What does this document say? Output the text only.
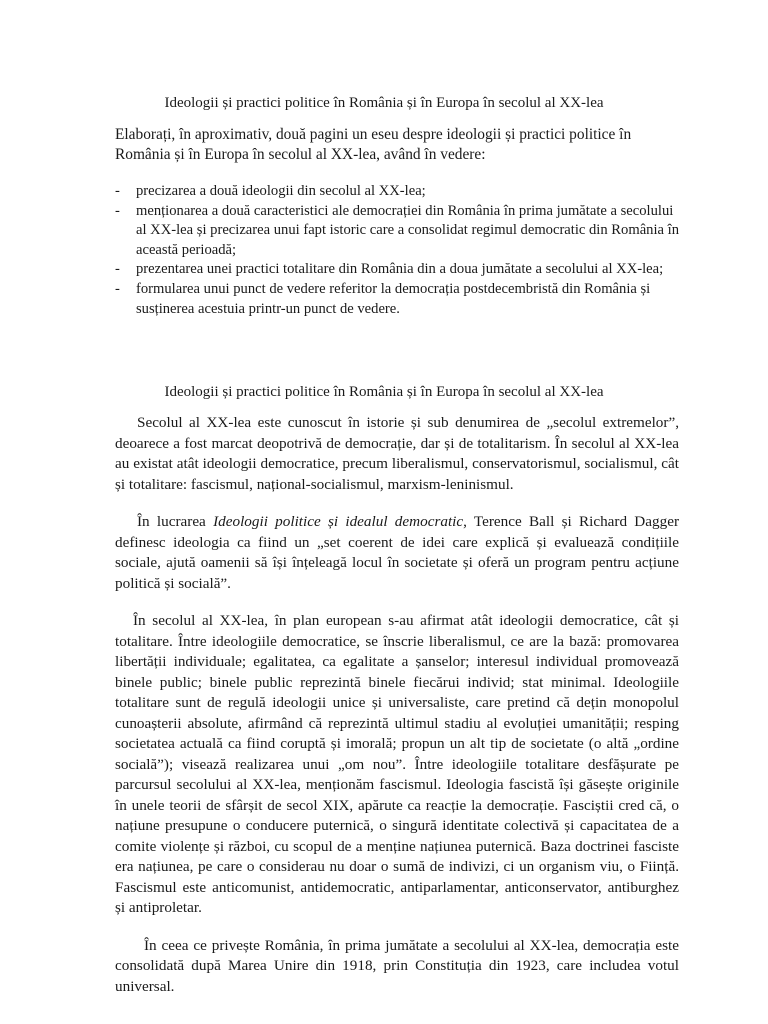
Ideologii și practici politice în România și în Europa în secolul al XX-lea

Elaborați, în aproximativ, două pagini un eseu despre ideologii și practici politice în România și în Europa în secolul al XX-lea, având în vedere:

- precizarea a două ideologii din secolul al XX-lea;
- menționarea a două caracteristici ale democrației din România în prima jumătate a secolului al XX-lea și precizarea unui fapt istoric care a consolidat regimul democratic din România în această perioadă;
- prezentarea unei practici totalitare din România din a doua jumătate a secolului al XX-lea;
- formularea unui punct de vedere referitor la democrația postdecembristă din România și susținerea acestuia printr-un punct de vedere.
Ideologii și practici politice în România și în Europa în secolul al XX-lea

Secolul al XX-lea este cunoscut în istorie și sub denumirea de „secolul extremelor”, deoarece a fost marcat deopotrivă de democrație, dar și de totalitarism. În secolul al XX-lea au existat atât ideologii democratice, precum liberalismul, conservatorismul, socialismul, cât și totalitare: fascismul, național-socialismul, marxism-leninismul.

În lucrarea Ideologii politice și idealul democratic, Terence Ball și Richard Dagger definesc ideologia ca fiind un „set coerent de idei care explică și evaluează condițiile sociale, ajută oamenii să își înțeleagă locul în societate și oferă un program pentru acțiune politică și socială”.

În secolul al XX-lea, în plan european s-au afirmat atât ideologii democratice, cât și totalitare. Între ideologiile democratice, se înscrie liberalismul, ce are la bază: promovarea libertății individuale; egalitatea, ca egalitate a șanselor; interesul individual promovează binele public; binele public reprezintă binele fiecărui individ; stat minimal. Ideologiile totalitare sunt de regulă ideologii unice și universaliste, care pretind că dețin monopolul cunoașterii absolute, afirmând că reprezintă ultimul stadiu al evoluției umanității; resping societatea actuală ca fiind coruptă și imorală; propun un alt tip de societate (o altă „ordine socială”); visează realizarea unui „om nou”. Între ideologiile totalitare desfășurate pe parcursul secolului al XX-lea, menționăm fascismul. Ideologia fascistă își găsește originile în unele teorii de sfârșit de secol XIX, apărute ca reacție la democrație. Fasciștii cred că, o națiune presupune o conducere puternică, o singură identitate colectivă și capacitatea de a comite violențe și război, cu scopul de a menține națiunea puternică. Baza doctrinei fasciste era națiunea, pe care o considerau nu doar o sumă de indivizi, ci un organism viu, o Ființă. Fascismul este anticomunist, antidemocratic, antiparlamentar, anticonservator, antiburghez și antiproletar.

În ceea ce privește România, în prima jumătate a secolului al XX-lea, democrația este consolidată după Marea Unire din 1918, prin Constituția din 1923, care includea votul universal.
